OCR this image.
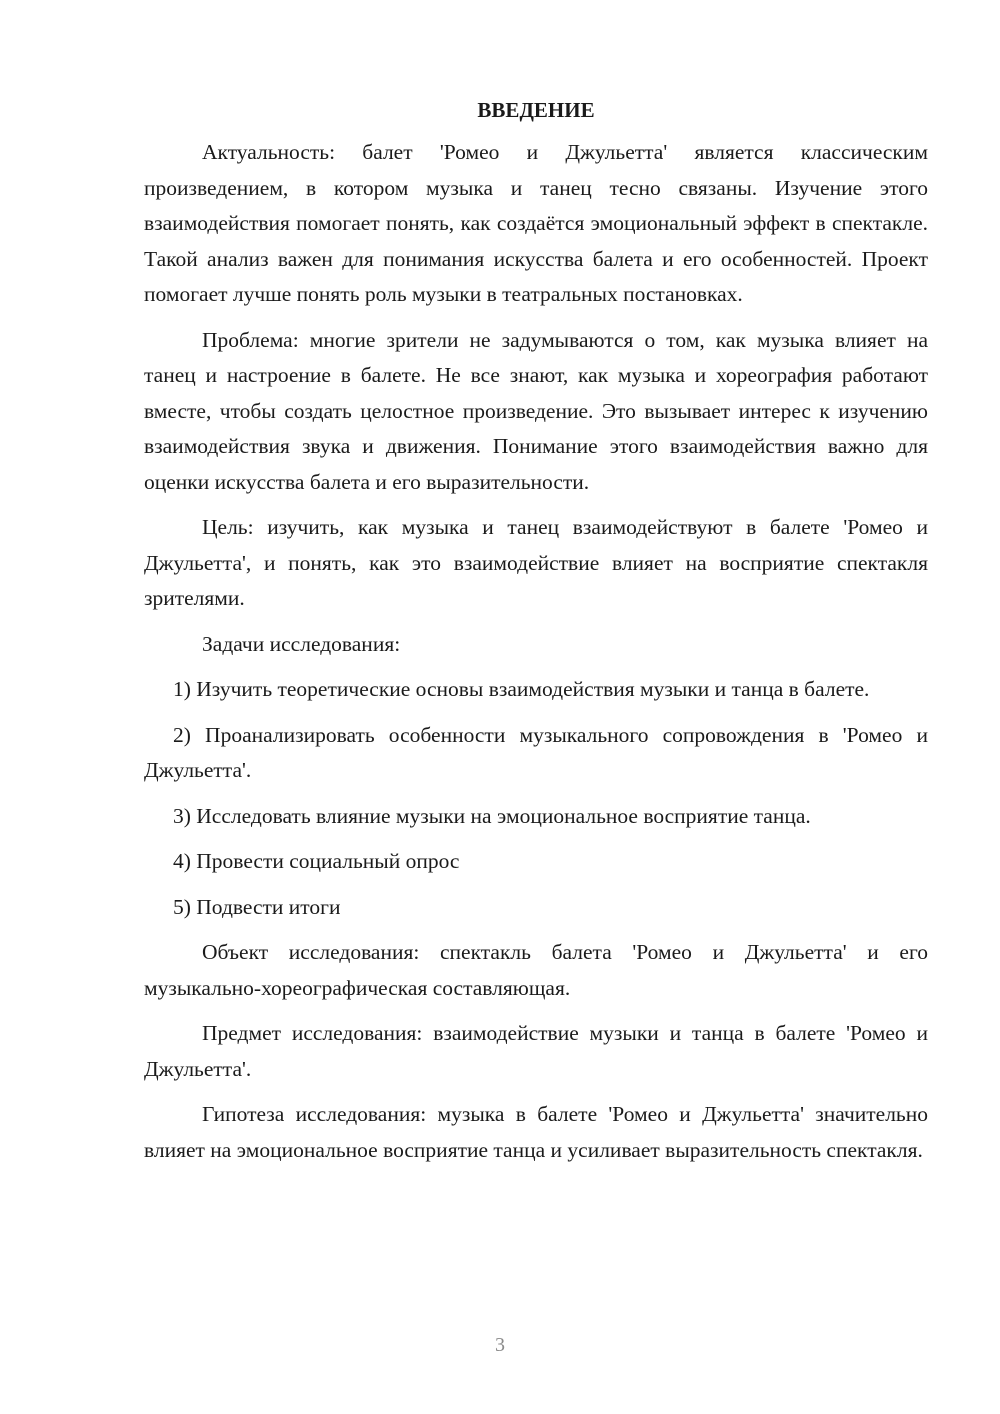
ВВЕДЕНИЕ

Актуальность: балет 'Ромео и Джульетта' является классическим произведением, в котором музыка и танец тесно связаны. Изучение этого взаимодействия помогает понять, как создаётся эмоциональный эффект в спектакле. Такой анализ важен для понимания искусства балета и его особенностей. Проект помогает лучше понять роль музыки в театральных постановках.

Проблема: многие зрители не задумываются о том, как музыка влияет на танец и настроение в балете. Не все знают, как музыка и хореография работают вместе, чтобы создать целостное произведение. Это вызывает интерес к изучению взаимодействия звука и движения. Понимание этого взаимодействия важно для оценки искусства балета и его выразительности.

Цель: изучить, как музыка и танец взаимодействуют в балете 'Ромео и Джульетта', и понять, как это взаимодействие влияет на восприятие спектакля зрителями.

Задачи исследования:

1) Изучить теоретические основы взаимодействия музыки и танца в балете.

2) Проанализировать особенности музыкального сопровождения в 'Ромео и Джульетта'.

3) Исследовать влияние музыки на эмоциональное восприятие танца.

4) Провести социальный опрос

5) Подвести итоги

Объект исследования: спектакль балета 'Ромео и Джульетта' и его музыкально-хореографическая составляющая.

Предмет исследования: взаимодействие музыки и танца в балете 'Ромео и Джульетта'.

Гипотеза исследования: музыка в балете 'Ромео и Джульетта' значительно влияет на эмоциональное восприятие танца и усиливает выразительность спектакля.

3
